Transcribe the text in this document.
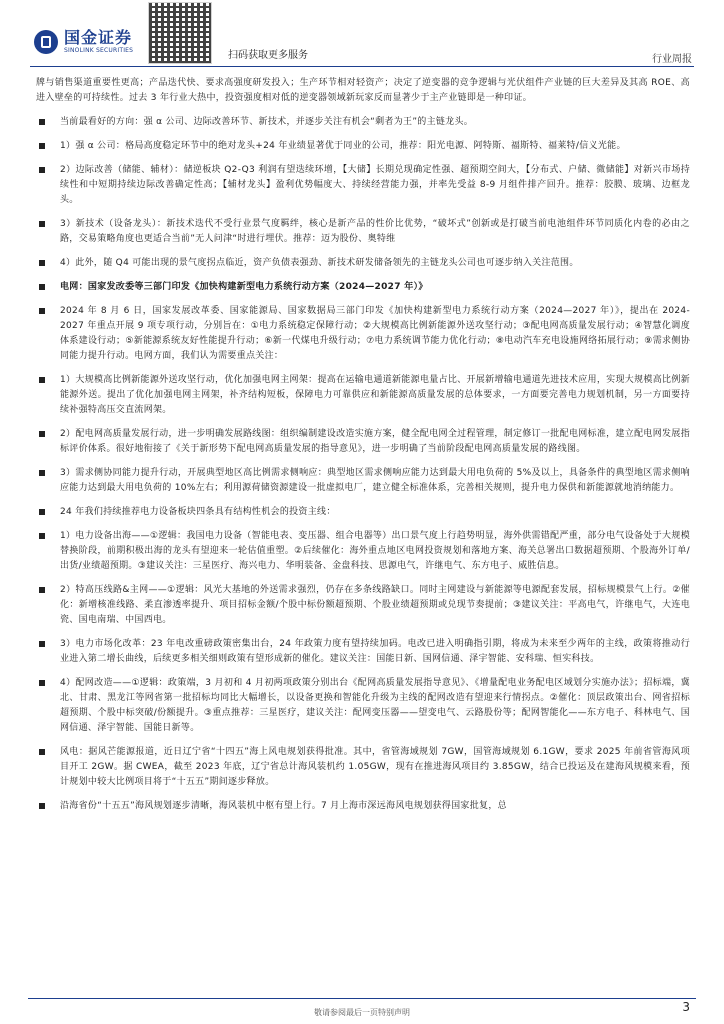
国金证券
SINOLINK SECURITIES	扫码获取更多服务	行业周报

牌与销售渠道重要性更高；产品迭代快、要求高强度研发投入；生产环节相对轻资产；决定了逆变器的竞争逻辑与光伏组件产业链的巨大差异及其高 ROE、高进入壁垒的可持续性。过去 3 年行业大热中，投资强度相对低的逆变器领域新玩家反而显著少于主产业链即是一种印证。

当前最看好的方向：强 α 公司、边际改善环节、新技术，并逐步关注有机会“剩者为王”的主链龙头。

1）强 α 公司：格局高度稳定环节中的绝对龙头+24 年业绩显著优于同业的公司，推荐：阳光电源、阿特斯、福斯特、福莱特/信义光能。

2）边际改善（储能、辅材）：储逆板块 Q2-Q3 利润有望迭续环增，【大储】长期兑现确定性强、超预期空间大，【分布式、户储、微储能】对新兴市场持续性和中短期持续边际改善确定性高；【辅材龙头】盈利优势幅度大、持续经营能力强，并率先受益 8-9 月组件排产回升。推荐：胶膜、玻璃、边框龙头。

3）新技术（设备龙头）：新技术迭代不受行业景气度羁绊，核心是新产品的性价比优势，“破坏式”创新或是打破当前电池组件环节同质化内卷的必由之路，交易策略角度也更适合当前”无人问津“时进行埋伏。推荐：迈为股份、奥特维

4）此外，随 Q4 可能出现的景气度拐点临近，资产负债表强劲、新技术研发储备领先的主链龙头公司也可逐步纳入关注范围。

电网：国家发改委等三部门印发《加快构建新型电力系统行动方案（2024—2027 年）》

2024 年 8 月 6 日，国家发展改革委、国家能源局、国家数据局三部门印发《加快构建新型电力系统行动方案（2024—2027 年）》，提出在 2024-2027 年重点开展 9 项专项行动，分别旨在：①电力系统稳定保障行动；②大规模高比例新能源外送攻坚行动；③配电网高质量发展行动；④智慧化调度体系建设行动；⑤新能源系统友好性能提升行动；⑥新一代煤电升级行动；⑦电力系统调节能力优化行动；⑧电动汽车充电设施网络拓展行动；⑨需求侧协同能力提升行动。电网方面，我们认为需要重点关注：

1）大规模高比例新能源外送攻坚行动，优化加强电网主网架：提高在运输电通道新能源电量占比、开展新增输电通道先进技术应用，实现大规模高比例新能源外送。提出了优化加强电网主网架，补齐结构短板，保障电力可靠供应和新能源高质量发展的总体要求，一方面要完善电力规划机制，另一方面要持续补强特高压交直流网架。

2）配电网高质量发展行动，进一步明确发展路线图：组织编制建设改造实施方案，健全配电网全过程管理，制定修订一批配电网标准，建立配电网发展指标评价体系。很好地衔接了《关于新形势下配电网高质量发展的指导意见》，进一步明确了当前阶段配电网高质量发展的路线图。

3）需求侧协同能力提升行动，开展典型地区高比例需求侧响应：典型地区需求侧响应能力达到最大用电负荷的 5%及以上，具备条件的典型地区需求侧响应能力达到最大用电负荷的 10%左右；利用源荷储资源建设一批虚拟电厂，建立健全标准体系，完善相关规则，提升电力保供和新能源就地消纳能力。

24 年我们持续推荐电力设备板块四条具有结构性机会的投资主线：

1）电力设备出海——①逻辑：我国电力设备（智能电表、变压器、组合电器等）出口景气度上行趋势明显，海外供需错配严重，部分电气设备处于大规模替换阶段，前期积极出海的龙头有望迎来一轮估值重塑。②后续催化：海外重点地区电网投资规划和落地方案、海关总署出口数据超预期、个股海外订单/出货/业绩超预期。③建议关注：三星医疗、海兴电力、华明装备、金盘科技、思源电气，许继电气、东方电子、威胜信息。

2）特高压线路&主网——①逻辑：风光大基地的外送需求强烈，仍存在多条线路缺口。同时主网建设与新能源等电源配套发展，招标规模景气上行。②催化：新增核准线路、柔直渗透率提升、项目招标金额/个股中标份额超预期、个股业绩超预期或兑现节奏提前；③建议关注：平高电气，许继电气，大连电瓷、国电南瑞、中国西电。

3）电力市场化改革：23 年电改重磅政策密集出台，24 年政策力度有望持续加码。电改已进入明确指引期，将成为未来至少两年的主线，政策将推动行业进入第二增长曲线，后续更多相关细则政策有望形成新的催化。建议关注：国能日新、国网信通、泽宇智能、安科瑞、恒实科技。

4）配网改造——①逻辑：政策端，3 月初和 4 月初两项政策分别出台《配网高质量发展指导意见》、《增量配电业务配电区域划分实施办法》；招标端，冀北、甘肃、黑龙江等网省第一批招标均同比大幅增长，以设备更换和智能化升级为主线的配网改造有望迎来行情拐点。②催化：顶层政策出台、网省招标超预期、个股中标突破/份额提升。③重点推荐：三星医疗，建议关注：配网变压器——望变电气、云路股份等；配网智能化——东方电子、科林电气、国网信通、泽宇智能、国能日新等。

风电：据风芒能源报道，近日辽宁省“十四五”海上风电规划获得批准。其中，省管海域规划 7GW，国管海域规划 6.1GW，要求 2025 年前省管海风项目开工 2GW。据 CWEA，截至 2023 年底，辽宁省总计海风装机约 1.05GW，现有在推进海风项目约 3.85GW，结合已投运及在建海风规模来看，预计规划中较大比例项目将于“十五五”期间逐步释放。

沿海省份“十五五”海风规划逐步清晰，海风装机中枢有望上行。7 月上海市深远海风电规划获得国家批复，总

敬请参阅最后一页特别声明	3
